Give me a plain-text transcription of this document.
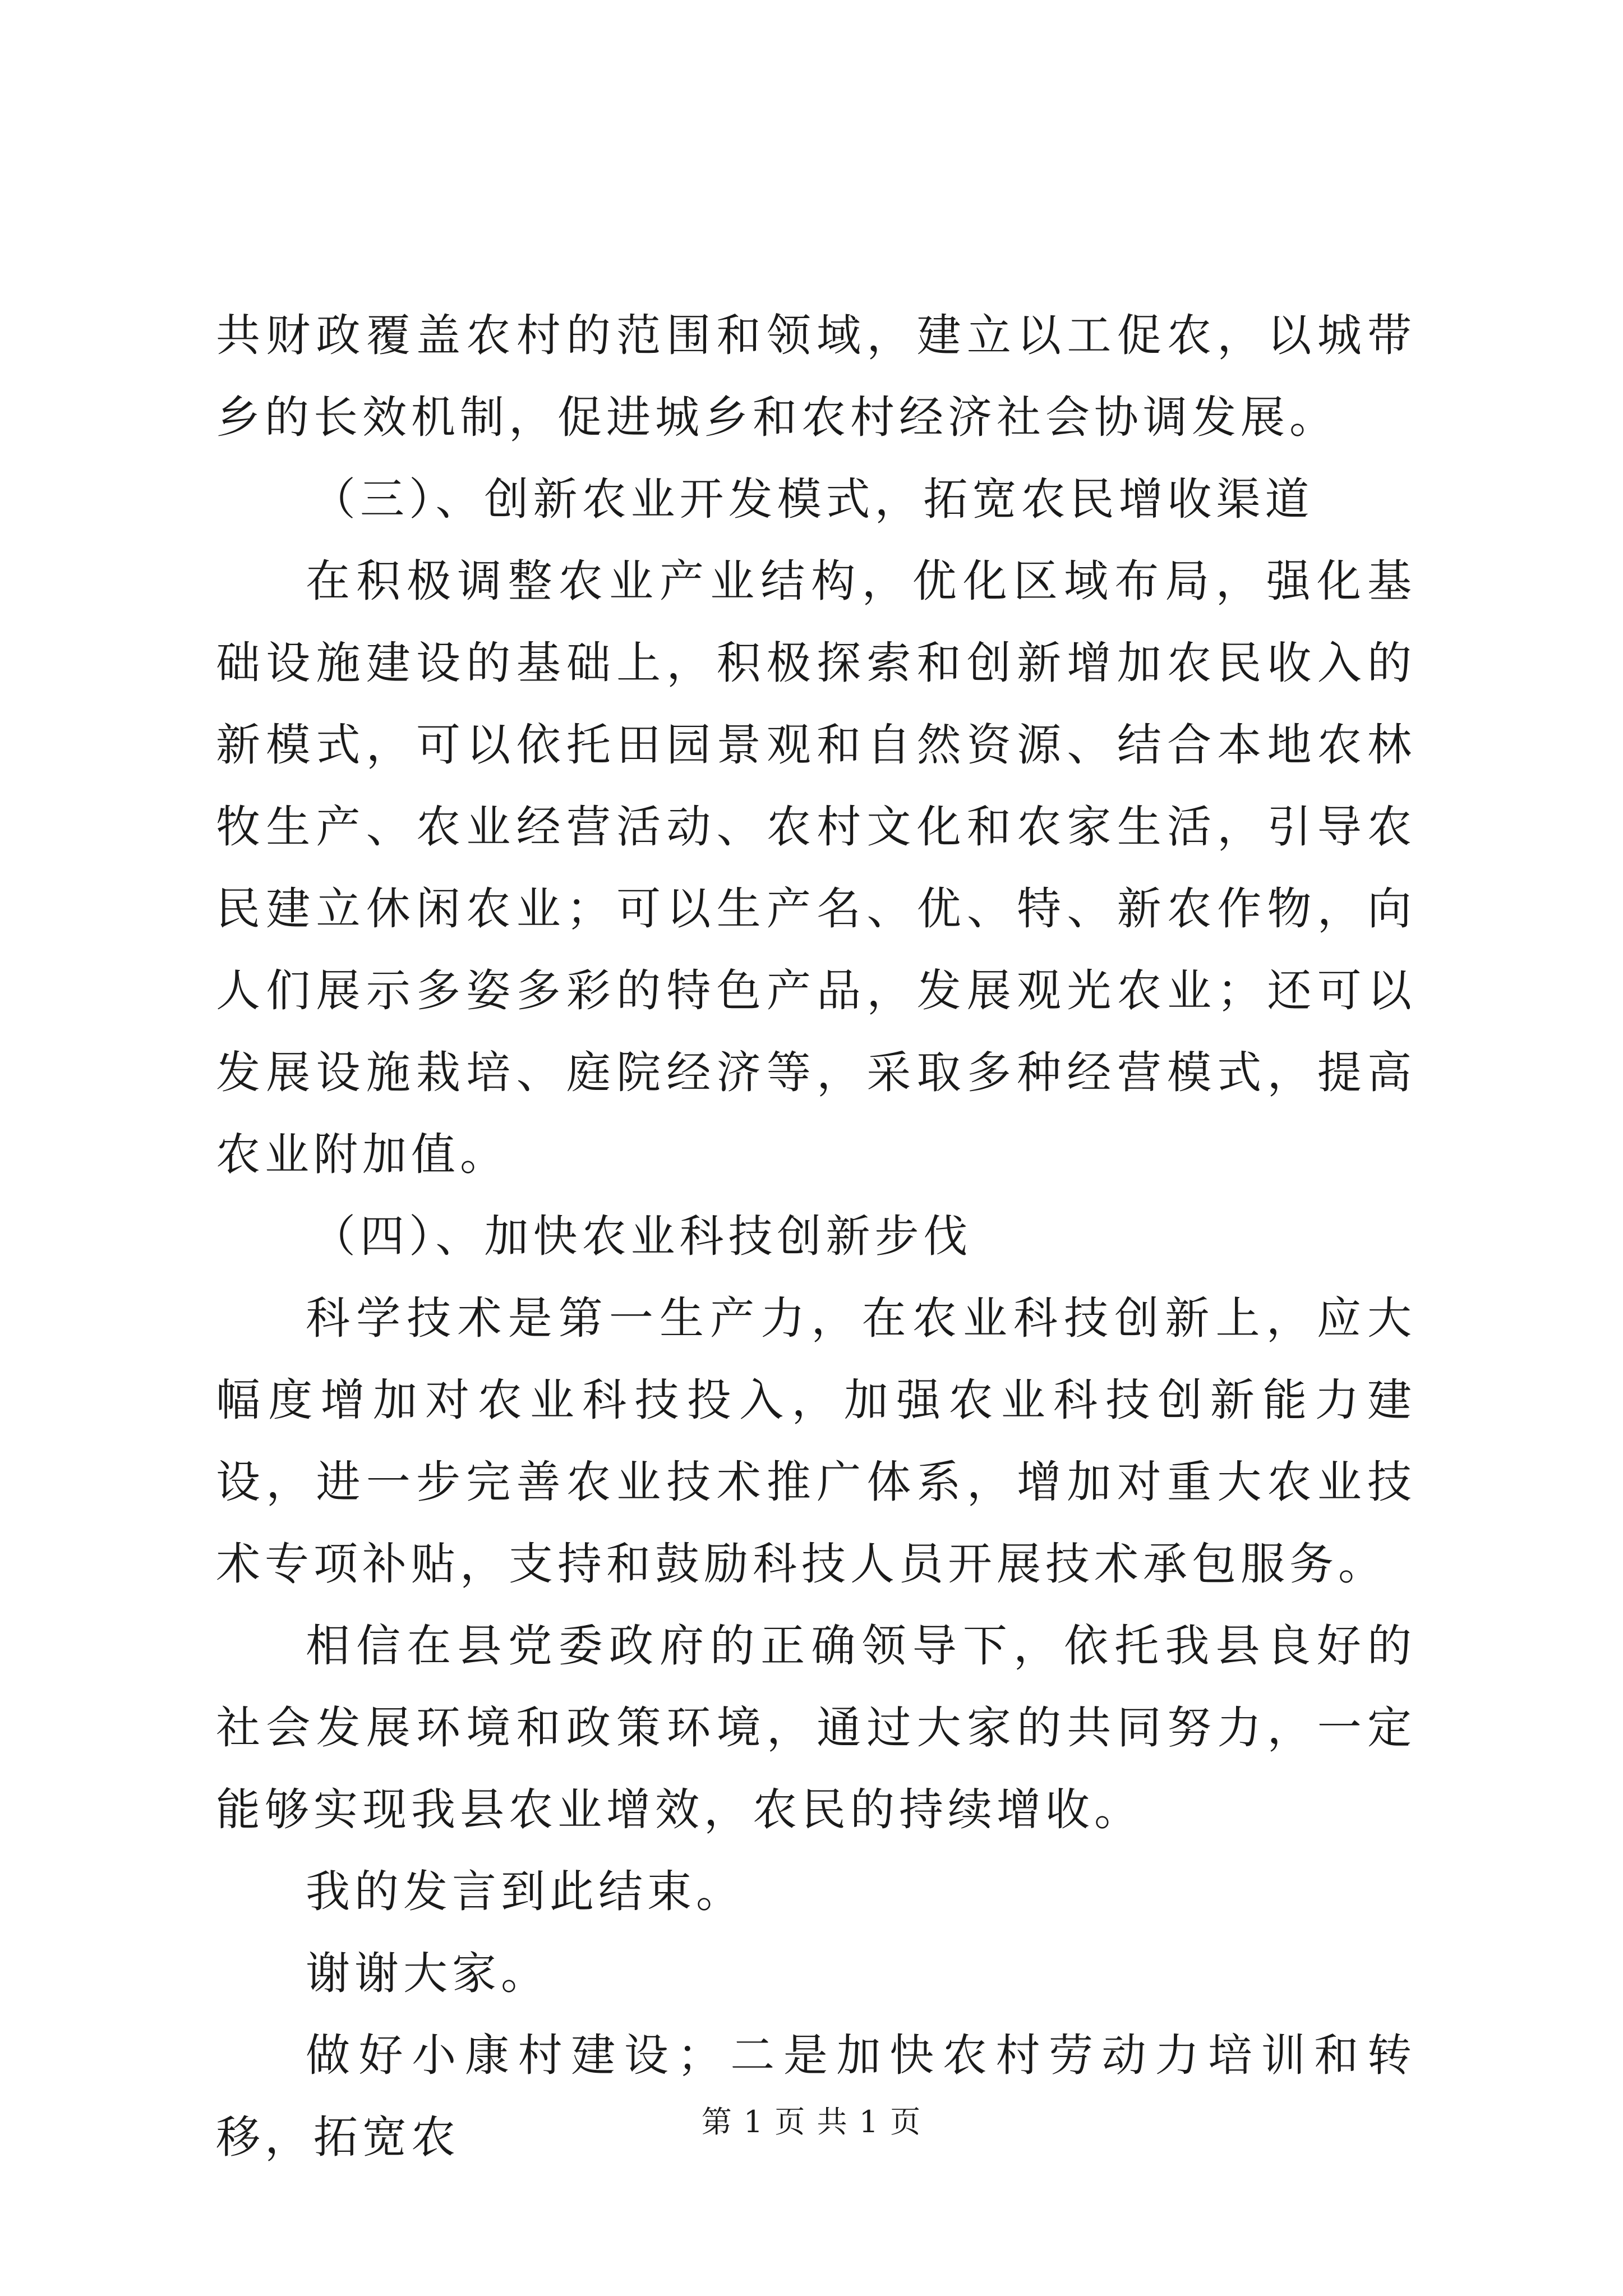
共财政覆盖农村的范围和领域，建立以工促农，以城带乡的长效机制，促进城乡和农村经济社会协调发展。

（三）、创新农业开发模式，拓宽农民增收渠道

在积极调整农业产业结构，优化区域布局，强化基础设施建设的基础上，积极探索和创新增加农民收入的新模式，可以依托田园景观和自然资源、结合本地农林牧生产、农业经营活动、农村文化和农家生活，引导农民建立休闲农业；可以生产名、优、特、新农作物，向人们展示多姿多彩的特色产品，发展观光农业；还可以发展设施栽培、庭院经济等，采取多种经营模式，提高农业附加值。

（四）、加快农业科技创新步伐

科学技术是第一生产力，在农业科技创新上，应大幅度增加对农业科技投入，加强农业科技创新能力建设，进一步完善农业技术推广体系，增加对重大农业技术专项补贴，支持和鼓励科技人员开展技术承包服务。

相信在县党委政府的正确领导下，依托我县良好的社会发展环境和政策环境，通过大家的共同努力，一定能够实现我县农业增效，农民的持续增收。

我的发言到此结束。

谢谢大家。

做好小康村建设；二是加快农村劳动力培训和转移，拓宽农	第 1 页 共 1 页
